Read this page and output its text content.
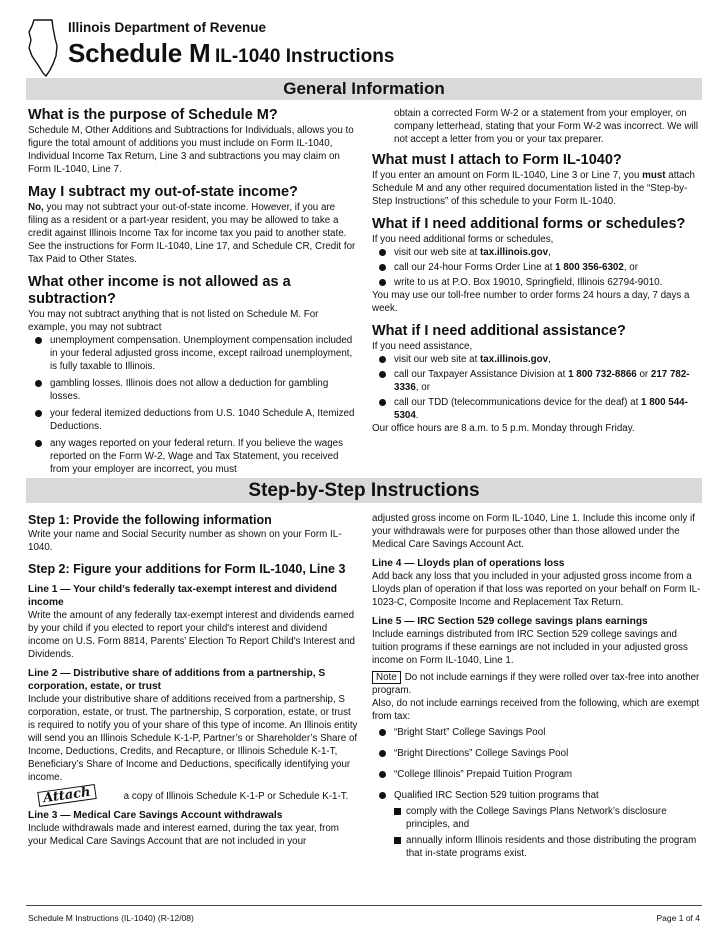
Illinois Department of Revenue
Schedule M IL-1040 Instructions
General Information
What is the purpose of Schedule M?

Schedule M, Other Additions and Subtractions for Individuals, allows you to figure the total amount of additions you must include on Form IL-1040, Individual Income Tax Return, Line 3 and subtractions you may claim on Form IL-1040, Line 7.

May I subtract my out-of-state income?

No, you may not subtract your out-of-state income. However, if you are filing as a resident or a part-year resident, you may be allowed to take a credit against Illinois Income Tax for income tax you paid to another state. See the instructions for Form IL-1040, Line 17, and Schedule CR, Credit for Tax Paid to Other States.

What other income is not allowed as a subtraction?

You may not subtract anything that is not listed on Schedule M. For example, you may not subtract

unemployment compensation. Unemployment compensation included in your federal adjusted gross income, except railroad unemployment, is fully taxable to Illinois.
gambling losses. Illinois does not allow a deduction for gambling losses.
your federal itemized deductions from U.S. 1040 Schedule A, Itemized Deductions.
any wages reported on your federal return. If you believe the wages reported on the Form W-2, Wage and Tax Statement, you received from your employer are incorrect, you must

obtain a corrected Form W-2 or a statement from your employer, on company letterhead, stating that your Form W-2 was incorrect. We will not accept a letter from you or your tax preparer.

What must I attach to Form IL-1040?

If you enter an amount on Form IL-1040, Line 3 or Line 7, you must attach Schedule M and any other required documentation listed in the “Step-by-Step Instructions” of this schedule to your Form IL-1040.

What if I need additional forms or schedules?

If you need additional forms or schedules,

visit our web site at tax.illinois.gov,
call our 24-hour Forms Order Line at 1 800 356-6302, or
write to us at P.O. Box 19010, Springfield, Illinois 62794-9010.

You may use our toll-free number to order forms 24 hours a day, 7 days a week.

What if I need additional assistance?

If you need assistance,

visit our web site at tax.illinois.gov,
call our Taxpayer Assistance Division at 1 800 732-8866 or 217 782-3336, or
call our TDD (telecommunications device for the deaf) at 1 800 544-5304.

Our office hours are 8 a.m. to 5 p.m. Monday through Friday.

Step-by-Step Instructions
Step 1: Provide the following information

Write your name and Social Security number as shown on your Form IL-1040.

Step 2: Figure your additions for Form IL-1040, Line 3
Line 1 — Your child’s federally tax-exempt interest and dividend income

Write the amount of any federally tax-exempt interest and dividends earned by your child if you elected to report your child's interest and dividend income on U.S. Form 8814, Parents’ Election To Report Child's Interest and Dividends.

Line 2 — Distributive share of additions from a partnership, S corporation, estate, or trust

Include your distributive share of additions received from a partnership, S corporation, estate, or trust. The partnership, S corporation, estate, or trust is required to notify you of your share of this type of income. An Illinois entity will send you an Illinois Schedule K-1-P, Partner’s or Shareholder’s Share of Income, Deductions, Credits, and Recapture, or Illinois Schedule K-1-T, Beneficiary’s Share of Income and Deductions, specifically identifying your income.

Attach	a copy of Illinois Schedule K-1-P or Schedule K-1-T.

Line 3 — Medical Care Savings Account withdrawals

Include withdrawals made and interest earned, during the tax year, from your Medical Care Savings Account that are not included in your

adjusted gross income on Form IL-1040, Line 1. Include this income only if your withdrawals were for purposes other than those allowed under the Medical Care Savings Account Act.

Line 4 — Lloyds plan of operations loss

Add back any loss that you included in your adjusted gross income from a Lloyds plan of operation if that loss was reported on your behalf on Form IL-1023-C, Composite Income and Replacement Tax Return.

Line 5 — IRC Section 529 college savings plans earnings

Include earnings distributed from IRC Section 529 college savings and tuition programs if these earnings are not included in your adjusted gross income on Form IL-1040, Line 1.

Note Do not include earnings if they were rolled over tax-free into another program.

Also, do not include earnings received from the following, which are exempt from tax:

“Bright Start” College Savings Pool
“Bright Directions” College Savings Pool
“College Illinois” Prepaid Tuition Program
Qualified IRC Section 529 tuition programs that
comply with the College Savings Plans Network’s disclosure principles, and
annually inform Illinois residents and those distributing the program that in-state programs exist.
Schedule M Instructions (IL-1040) (R-12/08)	Page 1 of 4
